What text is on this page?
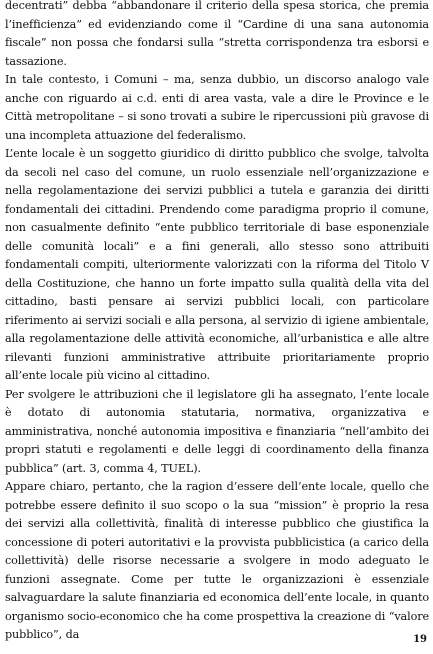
decentrati” debba “abbandonare il criterio della spesa storica, che premia l’inefficienza” ed evidenziando come il “Cardine di una sana autonomia fiscale” non possa che fondarsi sulla “stretta corrispondenza tra esborsi e tassazione.

In tale contesto, i Comuni – ma, senza dubbio, un discorso analogo vale anche con riguardo ai c.d. enti di area vasta, vale a dire le Province e le Città metropolitane – si sono trovati a subire le ripercussioni più gravose di una incompleta attuazione del federalismo.

L’ente locale è un soggetto giuridico di diritto pubblico che svolge, talvolta da secoli nel caso del comune, un ruolo essenziale nell’organizzazione e nella regolamentazione dei servizi pubblici a tutela e garanzia dei diritti fondamentali dei cittadini. Prendendo come paradigma proprio il comune, non casualmente definito “ente pubblico territoriale di base esponenziale delle comunità locali” e a fini generali, allo stesso sono attribuiti fondamentali compiti, ulteriormente valorizzati con la riforma del Titolo V della Costituzione, che hanno un forte impatto sulla qualità della vita del cittadino, basti pensare ai servizi pubblici locali, con particolare riferimento ai servizi sociali e alla persona, al servizio di igiene ambientale, alla regolamentazione delle attività economiche, all’urbanistica e alle altre rilevanti funzioni amministrative attribuite prioritariamente proprio all’ente locale più vicino al cittadino.

Per svolgere le attribuzioni che il legislatore gli ha assegnato, l’ente locale è dotato di autonomia statutaria, normativa, organizzativa e amministrativa, nonché autonomia impositiva e finanziaria “nell’ambito dei propri statuti e regolamenti e delle leggi di coordinamento della finanza pubblica” (art. 3, comma 4, TUEL).

Appare chiaro, pertanto, che la ragion d’essere dell’ente locale, quello che potrebbe essere definito il suo scopo o la sua “mission” è proprio la resa dei servizi alla collettività, finalità di interesse pubblico che giustifica la concessione di poteri autoritativi e la provvista pubblicistica (a carico della collettività) delle risorse necessarie a svolgere in modo adeguato le funzioni assegnate. Come per tutte le organizzazioni è essenziale salvaguardare la salute finanziaria ed economica dell’ente locale, in quanto organismo socio-economico che ha come prospettiva la creazione di “valore pubblico”, da	19
